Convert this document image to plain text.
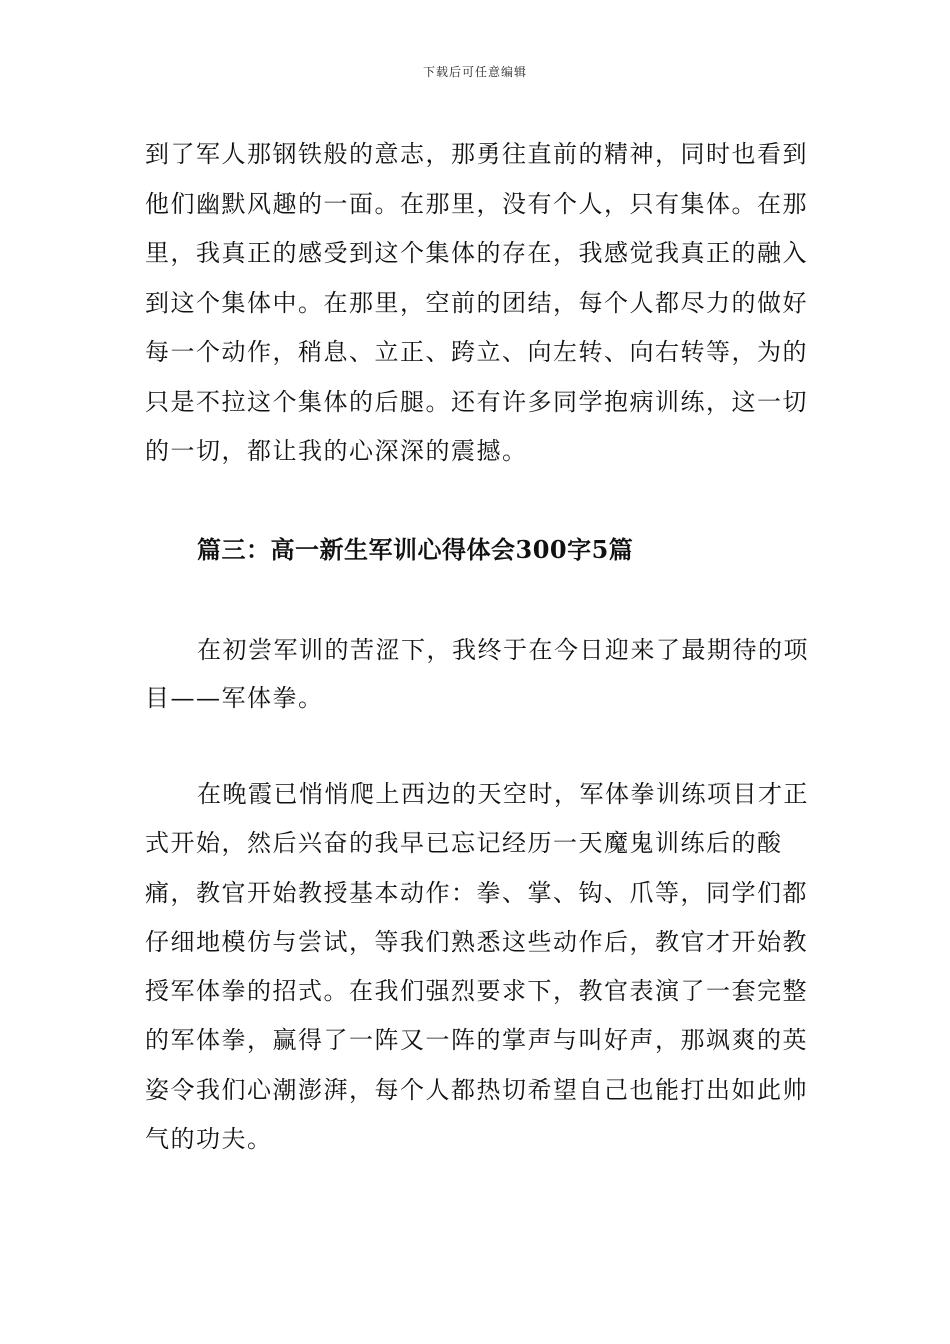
下载后可任意编辑

到了军人那钢铁般的意志，那勇往直前的精神，同时也看到他们幽默风趣的一面。在那里，没有个人，只有集体。在那里，我真正的感受到这个集体的存在，我感觉我真正的融入到这个集体中。在那里，空前的团结，每个人都尽力的做好每一个动作，稍息、立正、跨立、向左转、向右转等，为的只是不拉这个集体的后腿。还有许多同学抱病训练，这一切的一切，都让我的心深深的震撼。

篇三：高一新生军训心得体会300字5篇

在初尝军训的苦涩下，我终于在今日迎来了最期待的项目——军体拳。

在晚霞已悄悄爬上西边的天空时，军体拳训练项目才正式开始，然后兴奋的我早已忘记经历一天魔鬼训练后的酸痛，教官开始教授基本动作：拳、掌、钩、爪等，同学们都仔细地模仿与尝试，等我们熟悉这些动作后，教官才开始教授军体拳的招式。在我们强烈要求下，教官表演了一套完整的军体拳，赢得了一阵又一阵的掌声与叫好声，那飒爽的英姿令我们心潮澎湃，每个人都热切希望自己也能打出如此帅气的功夫。
